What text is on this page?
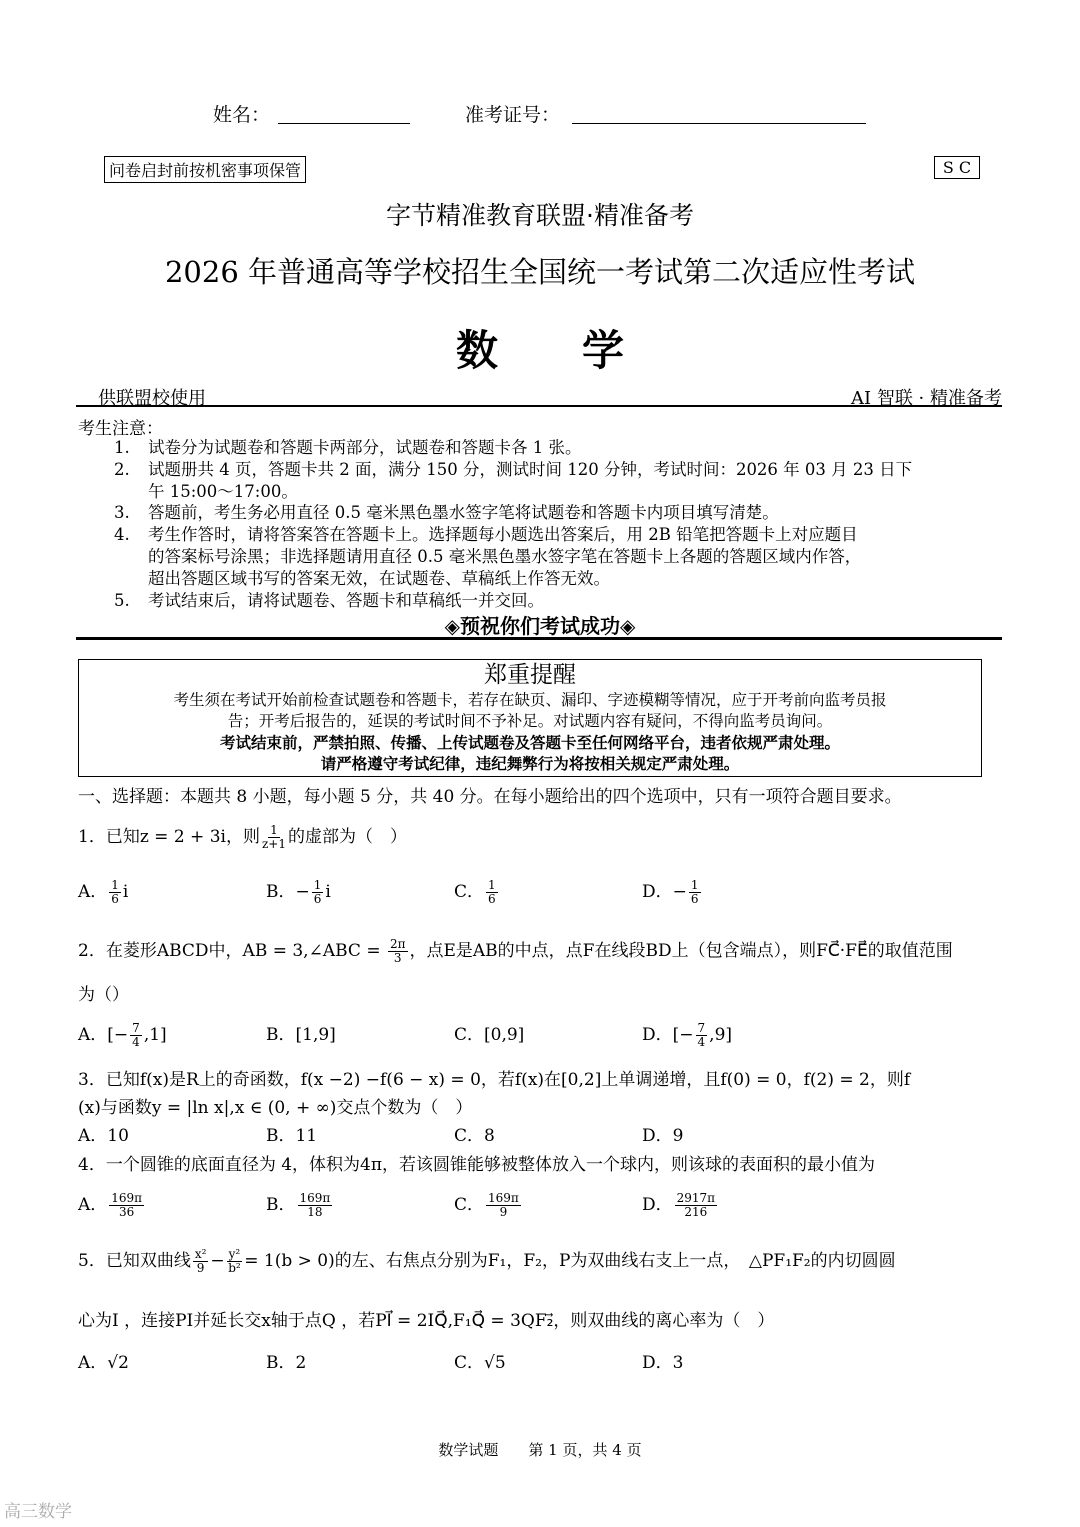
姓名：	准考证号：
问卷启封前按机密事项保管	S C
字节精准教育联盟·精准备考
2026 年普通高等学校招生全国统一考试第二次适应性考试
数　　学
供联盟校使用	AI 智联 · 精准备考
考生注意：
1.	试卷分为试题卷和答题卡两部分，试题卷和答题卡各 1 张。
2.	试题册共 4 页，答题卡共 2 面，满分 150 分，测试时间 120 分钟，考试时间：2026 年 03 月 23 日下
午 15:00～17:00。
3.	答题前，考生务必用直径 0.5 毫米黑色墨水签字笔将试题卷和答题卡内项目填写清楚。
4.	考生作答时，请将答案答在答题卡上。选择题每小题选出答案后，用 2B 铅笔把答题卡上对应题目
的答案标号涂黑；非选择题请用直径 0.5 毫米黑色墨水签字笔在答题卡上各题的答题区域内作答，
超出答题区域书写的答案无效，在试题卷、草稿纸上作答无效。
5.	考试结束后，请将试题卷、答题卡和草稿纸一并交回。
◈预祝你们考试成功◈
郑重提醒
考生须在考试开始前检查试题卷和答题卡，若存在缺页、漏印、字迹模糊等情况，应于开考前向监考员报
告；开考后报告的，延误的考试时间不予补足。对试题内容有疑问，不得向监考员询问。
考试结束前，严禁拍照、传播、上传试题卷及答题卡至任何网络平台，违者依规严肃处理。
请严格遵守考试纪律，违纪舞弊行为将按相关规定严肃处理。
一、选择题：本题共 8 小题，每小题 5 分，共 40 分。在每小题给出的四个选项中，只有一项符合题目要求。
1．已知z = 2 + 3i，则 $\frac{1}{z+1}$ 的虚部为（　）
A． $\frac{1}{6}$ i	B．− $\frac{1}{6}$ i	C． $\frac{1}{6}$	D．− $\frac{1}{6}$
2．在菱形ABCD中，AB = 3,∠ABC = $\frac{2\pi}{3}$ ，点E是AB的中点，点F在线段BD上（包含端点），则FC⃗·FE⃗的取值范围
为（）
A．[− $\frac{7}{4} ,1$]	B．[1,9]	C．[0,9]	D．[− $\frac{7}{4} ,9$]
3．已知f(x)是R上的奇函数，f(x −2) −f(6 − x) = 0，若f(x)在[0,2]上单调递增，且f(0) = 0，f(2) = 2，则f
(x)与函数y = |ln x|,x ∈ (0, + ∞)交点个数为（　）
A．10	B．11	C．8	D．9
4．一个圆锥的底面直径为 4，体积为4π，若该圆锥能够被整体放入一个球内，则该球的表面积的最小值为
A． $\frac{169\pi}{36}$	B． $\frac{169\pi}{18}$	C． $\frac{169\pi}{9}$	D． $\frac{2917\pi}{216}$
5．已知双曲线 $\frac{\text{x²}}{9} - \frac{\text{y²}}{\text{b²}} = 1(b > 0)$的左、右焦点分别为F₁，F₂，P为双曲线右支上一点，　△PF₁F₂的内切圆圆
心为I ，连接PI并延长交x轴于点Q ，若PI⃗ = 2IQ⃗,F₁Q⃗ = 3QF₂⃗，则双曲线的离心率为（　）
A．√2	B．2	C．√5	D．3
数学试题　　第 1 页，共 4 页
高三数学
